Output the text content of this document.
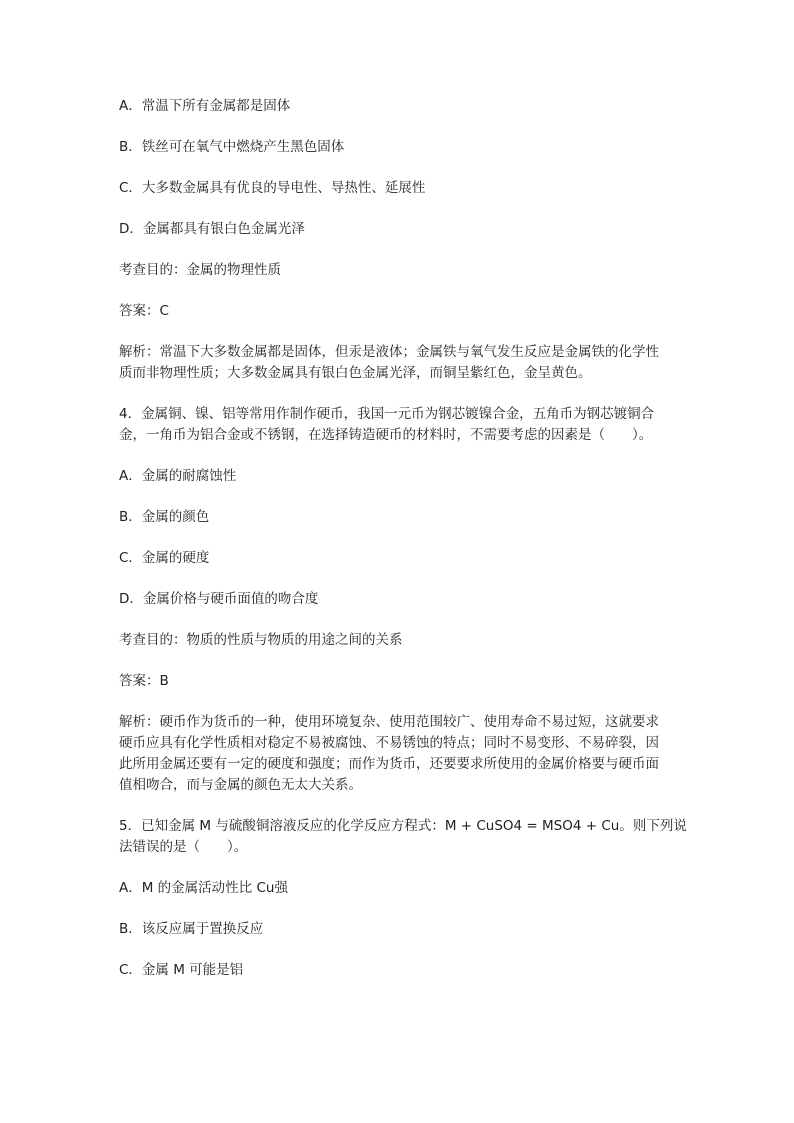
A．常温下所有金属都是固体
B．铁丝可在氧气中燃烧产生黑色固体
C．大多数金属具有优良的导电性、导热性、延展性
D．金属都具有银白色金属光泽
考查目的：金属的物理性质
答案：C
解析：常温下大多数金属都是固体，但汞是液体；金属铁与氧气发生反应是金属铁的化学性
质而非物理性质；大多数金属具有银白色金属光泽，而铜呈紫红色，金呈黄色。
4．金属铜、镍、铝等常用作制作硬币，我国一元币为钢芯镀镍合金，五角币为钢芯镀铜合
金，一角币为铝合金或不锈钢，在选择铸造硬币的材料时，不需要考虑的因素是（　　）。
A．金属的耐腐蚀性
B．金属的颜色
C．金属的硬度
D．金属价格与硬币面值的吻合度
考查目的：物质的性质与物质的用途之间的关系
答案：B
解析：硬币作为货币的一种，使用环境复杂、使用范围较广、使用寿命不易过短，这就要求
硬币应具有化学性质相对稳定不易被腐蚀、不易锈蚀的特点；同时不易变形、不易碎裂，因
此所用金属还要有一定的硬度和强度；而作为货币，还要要求所使用的金属价格要与硬币面
值相吻合，而与金属的颜色无太大关系。
5．已知金属 M 与硫酸铜溶液反应的化学反应方程式：M + CuSO4 = MSO4 + Cu。则下列说
法错误的是（　　）。
A．M 的金属活动性比 Cu强
B．该反应属于置换反应
C．金属 M 可能是铝
